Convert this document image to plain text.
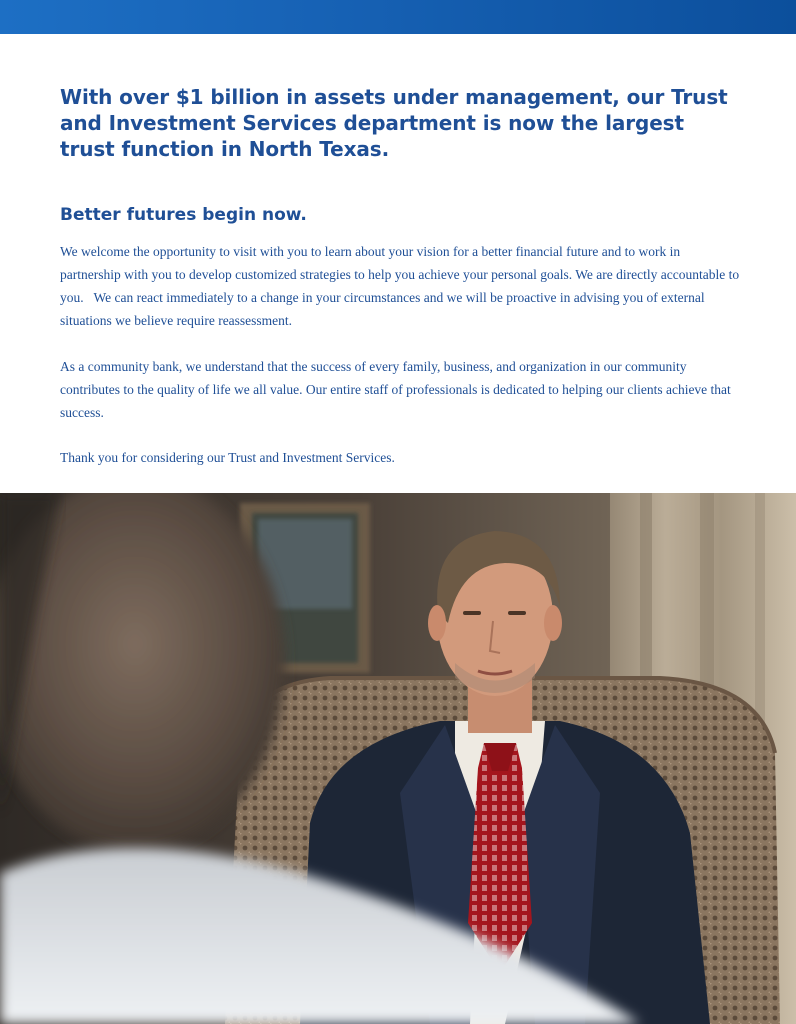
With over $1 billion in assets under management, our Trust and Investment Services department is now the largest trust function in North Texas.
Better futures begin now.

We welcome the opportunity to visit with you to learn about your vision for a better financial future and to work in partnership with you to develop customized strategies to help you achieve your personal goals. We are directly accountable to you.   We can react immediately to a change in your circumstances and we will be proactive in advising you of external situations we believe require reassessment.

As a community bank, we understand that the success of every family, business, and organization in our community contributes to the quality of life we all value. Our entire staff of professionals is dedicated to helping our clients achieve that success.

Thank you for considering our Trust and Investment Services.
